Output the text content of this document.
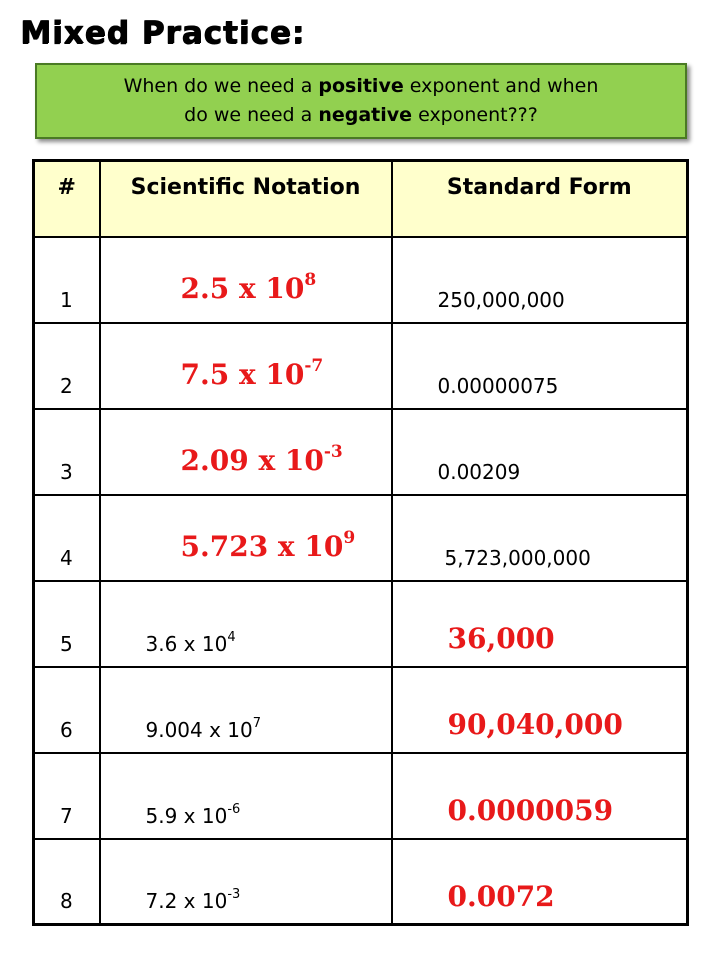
Mixed Practice:
When do we need a positive exponent and when
do we need a negative exponent???
#	Scientific Notation	Standard Form
1	2.5 x $10^8$	250,000,000
2	7.5 x $10^{-7}$	0.00000075
3	2.09 x $10^{-3}$	0.00209
4	5.723 x $10^9$	5,723,000,000
5	3.6 x $10^4$	36,000

6	9.004 x $10^7$	90,040,000

7	5.9 x $10^{-6}$	0.0000059

8	7.2 x $10^{-3}$	0.0072
